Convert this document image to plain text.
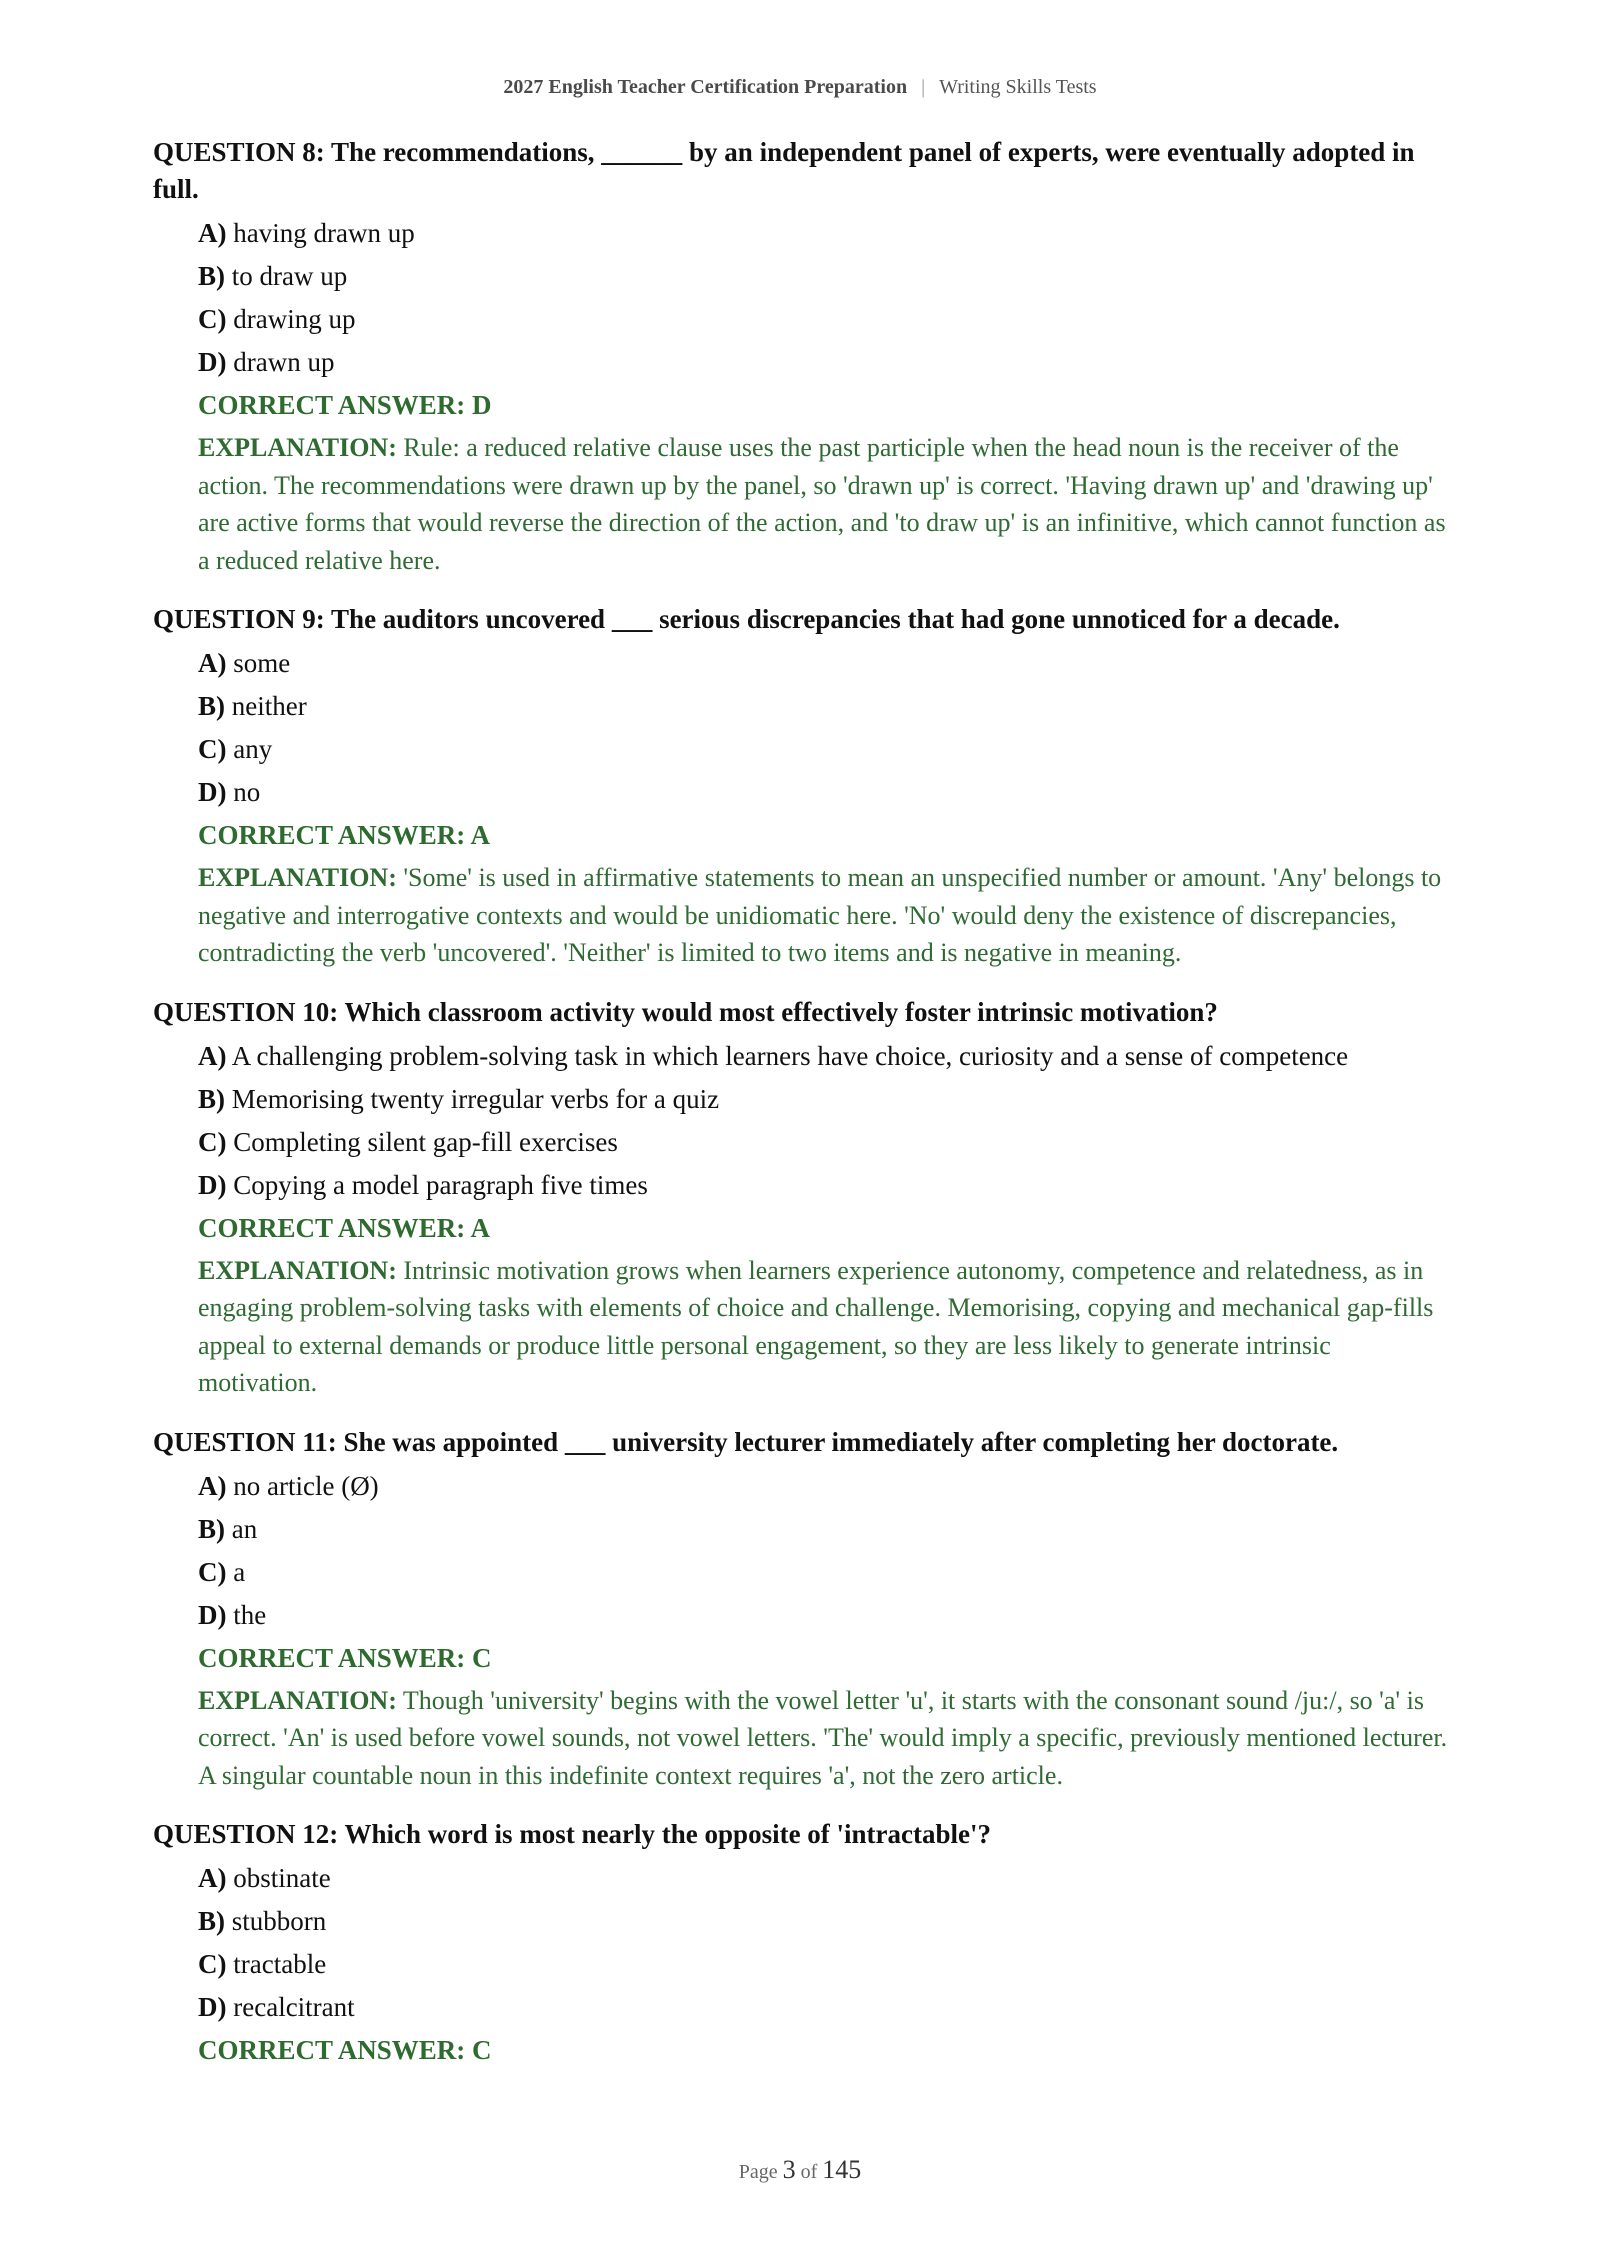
2027 English Teacher Certification Preparation | Writing Skills Tests

QUESTION 8: The recommendations, ______ by an independent panel of experts, were eventually adopted in full.

A) having drawn up
B) to draw up
C) drawing up
D) drawn up
CORRECT ANSWER: D
EXPLANATION: Rule: a reduced relative clause uses the past participle when the head noun is the receiver of the action. The recommendations were drawn up by the panel, so 'drawn up' is correct. 'Having drawn up' and 'drawing up' are active forms that would reverse the direction of the action, and 'to draw up' is an infinitive, which cannot function as a reduced relative here.

QUESTION 9: The auditors uncovered ___ serious discrepancies that had gone unnoticed for a decade.

A) some
B) neither
C) any
D) no
CORRECT ANSWER: A
EXPLANATION: 'Some' is used in affirmative statements to mean an unspecified number or amount. 'Any' belongs to negative and interrogative contexts and would be unidiomatic here. 'No' would deny the existence of discrepancies, contradicting the verb 'uncovered'. 'Neither' is limited to two items and is negative in meaning.

QUESTION 10: Which classroom activity would most effectively foster intrinsic motivation?

A) A challenging problem-solving task in which learners have choice, curiosity and a sense of competence
B) Memorising twenty irregular verbs for a quiz
C) Completing silent gap-fill exercises
D) Copying a model paragraph five times
CORRECT ANSWER: A
EXPLANATION: Intrinsic motivation grows when learners experience autonomy, competence and relatedness, as in engaging problem-solving tasks with elements of choice and challenge. Memorising, copying and mechanical gap-fills appeal to external demands or produce little personal engagement, so they are less likely to generate intrinsic motivation.

QUESTION 11: She was appointed ___ university lecturer immediately after completing her doctorate.

A) no article (Ø)
B) an
C) a
D) the
CORRECT ANSWER: C
EXPLANATION: Though 'university' begins with the vowel letter 'u', it starts with the consonant sound /ju:/, so 'a' is correct. 'An' is used before vowel sounds, not vowel letters. 'The' would imply a specific, previously mentioned lecturer. A singular countable noun in this indefinite context requires 'a', not the zero article.

QUESTION 12: Which word is most nearly the opposite of 'intractable'?

A) obstinate
B) stubborn
C) tractable
D) recalcitrant
CORRECT ANSWER: C
Page 3 of 145
